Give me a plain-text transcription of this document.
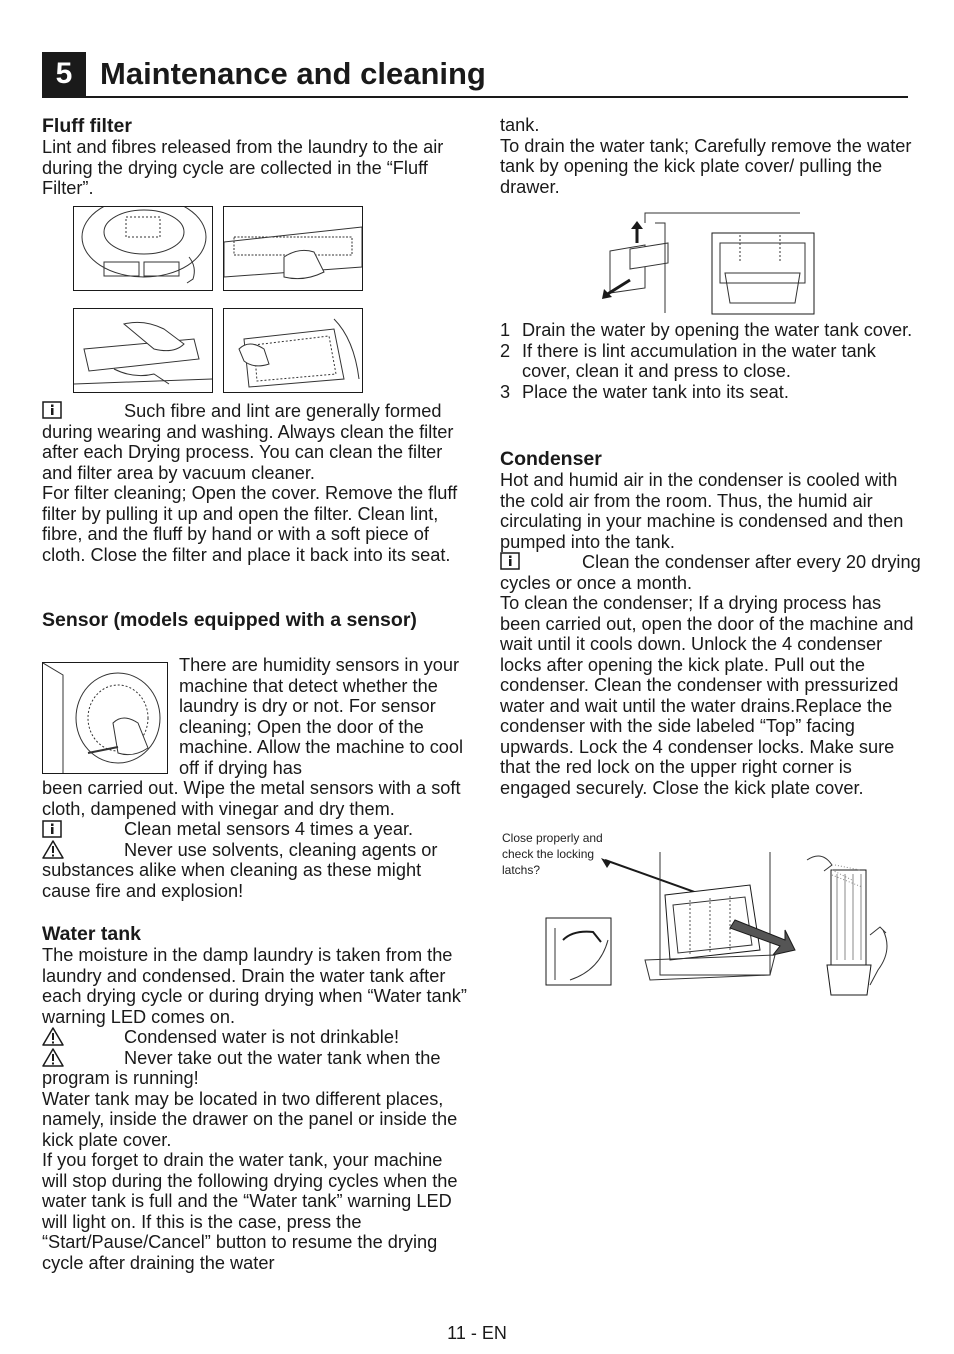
5 Maintenance and cleaning

Fluff filter

Lint and fibres released from the laundry to the air during the drying cycle are collected in the “Fluff Filter”.

Such fibre and lint are generally formed during wearing and washing. Always clean the filter after each Drying process. You can clean the filter and filter area by vacuum cleaner.

For filter cleaning; Open the cover. Remove the fluff filter by pulling it up and open the filter. Clean lint, fibre, and the fluff by hand or with a soft piece of cloth. Close the filter and place it back into its seat.

Sensor (models equipped with a sensor)

There are humidity sensors in your machine that detect whether the laundry is dry or not. For sensor cleaning; Open the door of the machine. Allow the machine to cool off if drying has

been carried out. Wipe the metal sensors with a soft cloth, dampened with vinegar and dry them.

Clean metal sensors 4 times a year.

Never use solvents, cleaning agents or substances alike when cleaning as these might cause fire and explosion!

Water tank

The moisture in the damp laundry is taken from the laundry and condensed. Drain the water tank after each drying cycle or during drying when “Water tank” warning LED comes on.

Condensed water is not drinkable!

Never take out the water tank when the program is running!

Water tank may be located in two different places, namely, inside the drawer on the panel or inside the kick plate cover.

If you forget to drain the water tank, your machine will stop during the following drying cycles when the water tank is full and the “Water tank” warning LED will light on. If this is the case, press the “Start/Pause/Cancel” button to resume the drying cycle after draining the water

tank.

To drain the water tank; Carefully remove the water tank by opening the kick plate cover/ pulling the drawer.

1 Drain the water by opening the water tank cover.
2 If there is lint accumulation in the water tank cover, clean it and press to close.
3 Place the water tank into its seat.

Condenser

Hot and humid air in the condenser is cooled with the cold air from the room. Thus, the humid air circulating in your machine is condensed and then pumped into the tank.

Clean the condenser after every 20 drying cycles or once a month.

To clean the condenser; If a drying process has been carried out, open the door of the machine and wait until it cools down. Unlock the 4 condenser locks after opening the kick plate. Pull out the condenser. Clean the condenser with pressurized water and wait until the water drains.Replace the condenser with the side labeled “Top” facing upwards. Lock the 4 condenser locks. Make sure that the red lock on the upper right corner is engaged securely. Close the kick plate cover.

Close properly and check the locking latchs?
11 - EN
